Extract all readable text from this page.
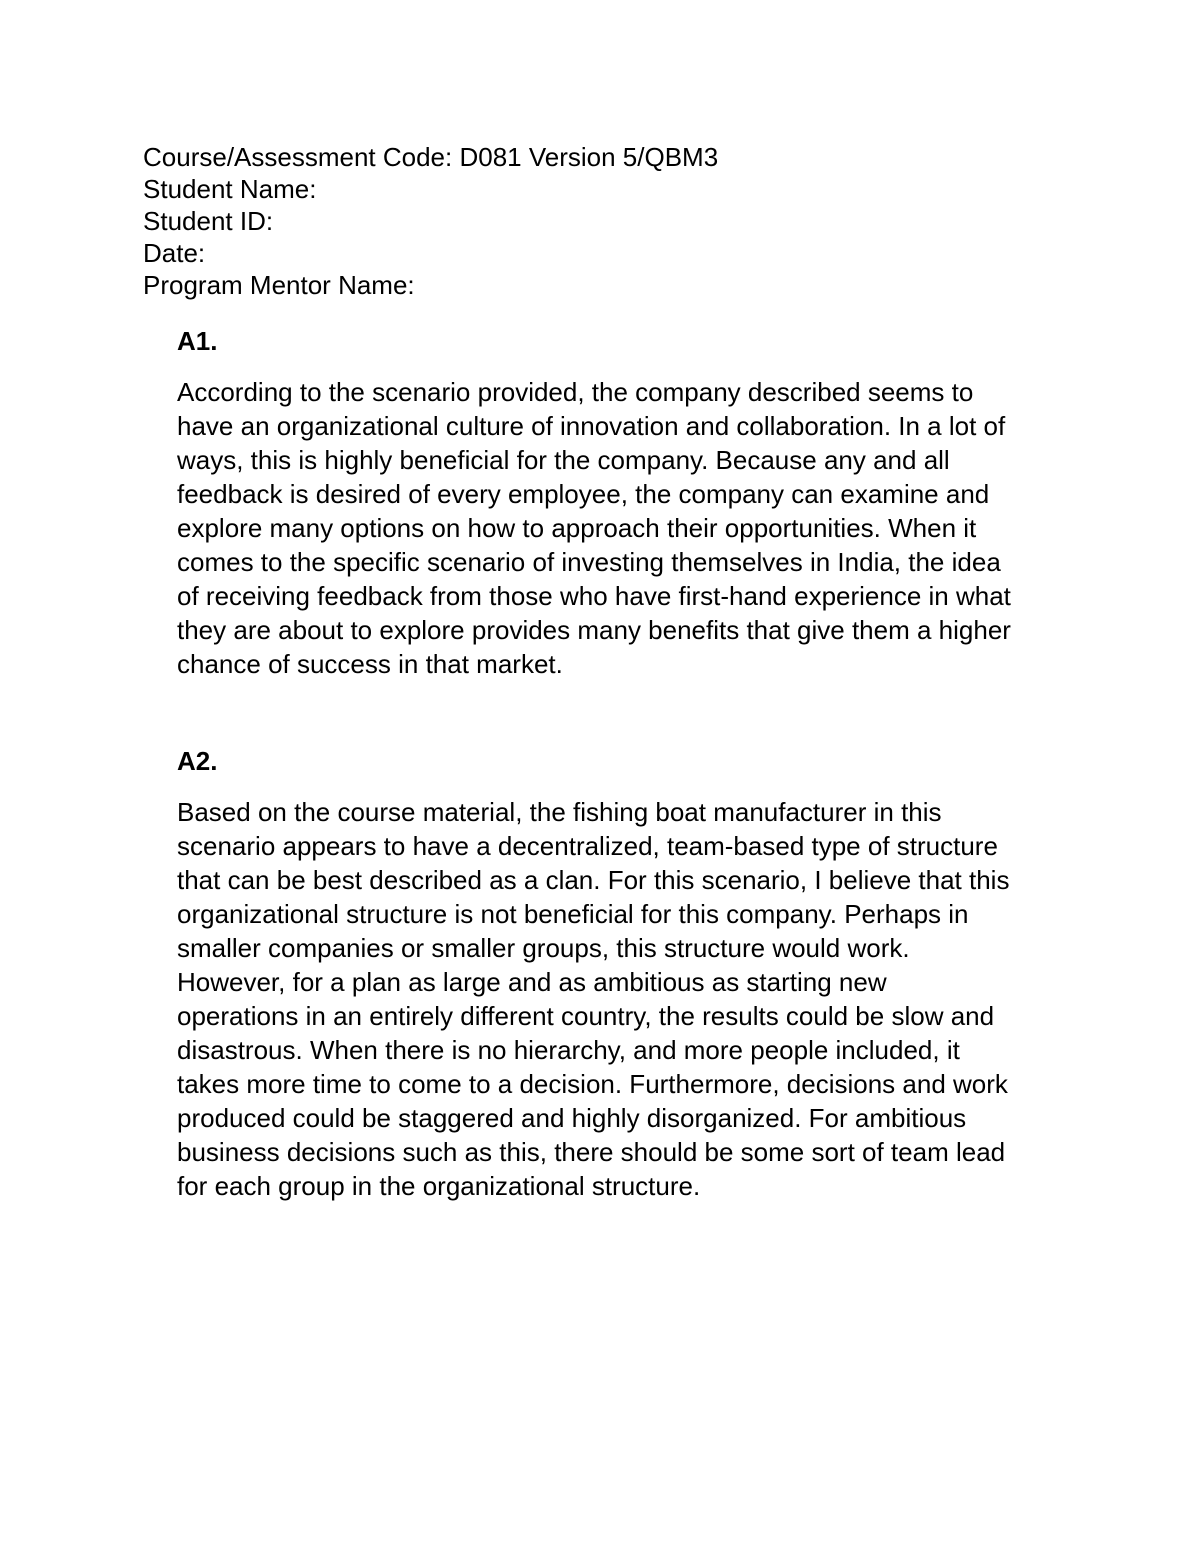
Course/Assessment Code: D081 Version 5/QBM3
Student Name:
Student ID:
Date:
Program Mentor Name:
A1.
According to the scenario provided, the company described seems to
have an organizational culture of innovation and collaboration. In a lot of
ways, this is highly beneficial for the company. Because any and all
feedback is desired of every employee, the company can examine and
explore many options on how to approach their opportunities. When it
comes to the specific scenario of investing themselves in India, the idea
of receiving feedback from those who have first-hand experience in what
they are about to explore provides many benefits that give them a higher
chance of success in that market.
A2.
Based on the course material, the fishing boat manufacturer in this
scenario appears to have a decentralized, team-based type of structure
that can be best described as a clan. For this scenario, I believe that this
organizational structure is not beneficial for this company. Perhaps in
smaller companies or smaller groups, this structure would work.
However, for a plan as large and as ambitious as starting new
operations in an entirely different country, the results could be slow and
disastrous. When there is no hierarchy, and more people included, it
takes more time to come to a decision. Furthermore, decisions and work
produced could be staggered and highly disorganized. For ambitious
business decisions such as this, there should be some sort of team lead
for each group in the organizational structure.
